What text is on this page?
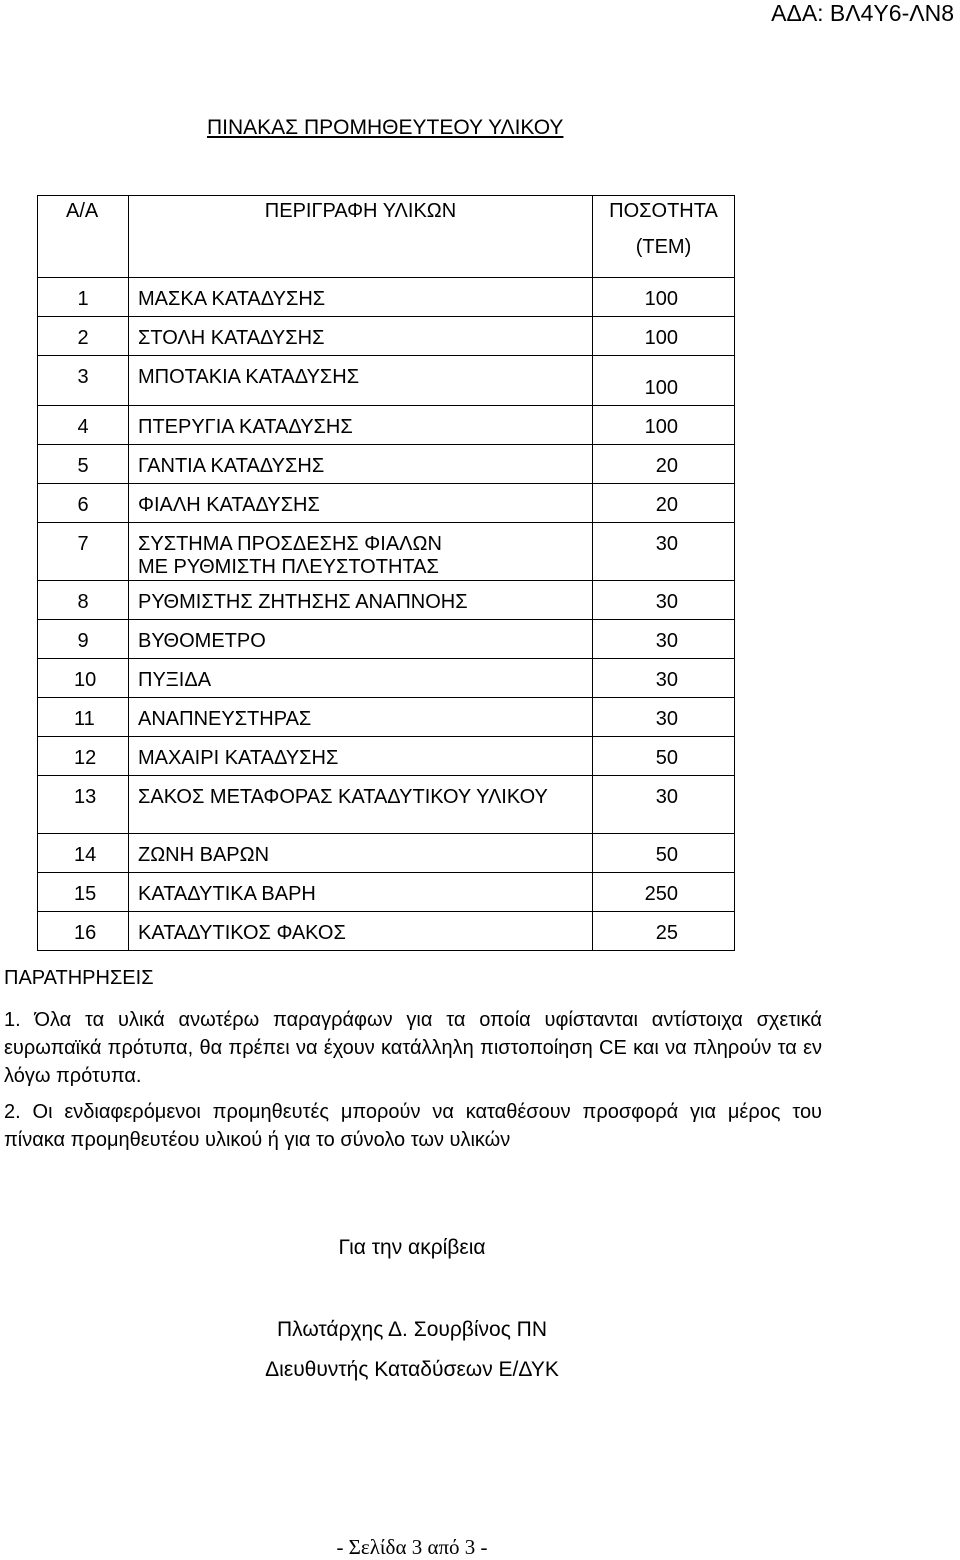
ΑΔΑ: ΒΛ4Υ6-ΛΝ8
ΠΙΝΑΚΑΣ ΠΡΟΜΗΘΕΥΤΕΟΥ ΥΛΙΚΟΥ
Α/Α	ΠΕΡΙΓΡΑΦΗ ΥΛΙΚΩΝ	ΠΟΣΟΤΗΤΑ
(ΤΕΜ)

1	ΜΑΣΚΑ ΚΑΤΑΔΥΣΗΣ	100
2	ΣΤΟΛΗ ΚΑΤΑΔΥΣΗΣ	100
3	ΜΠΟΤΑΚΙΑ ΚΑΤΑΔΥΣΗΣ	100
4	ΠΤΕΡΥΓΙΑ ΚΑΤΑΔΥΣΗΣ	100
5	ΓΑΝΤΙΑ ΚΑΤΑΔΥΣΗΣ	20
6	ΦΙΑΛΗ ΚΑΤΑΔΥΣΗΣ	20
7	ΣΥΣΤΗΜΑ ΠΡΟΣΔΕΣΗΣ ΦΙΑΛΩΝ ΜΕ ΡΥΘΜΙΣΤΗ ΠΛΕΥΣΤΟΤΗΤΑΣ	30
8	ΡΥΘΜΙΣΤΗΣ ΖΗΤΗΣΗΣ ΑΝΑΠΝΟΗΣ	30
9	ΒΥΘΟΜΕΤΡΟ	30
10	ΠΥΞΙΔΑ	30
11	ΑΝΑΠΝΕΥΣΤΗΡΑΣ	30
12	ΜΑΧΑΙΡΙ ΚΑΤΑΔΥΣΗΣ	50
13	ΣΑΚΟΣ ΜΕΤΑΦΟΡΑΣ ΚΑΤΑΔΥΤΙΚΟΥ ΥΛΙΚΟΥ	30
14	ΖΩΝΗ ΒΑΡΩΝ	50
15	ΚΑΤΑΔΥΤΙΚΑ ΒΑΡΗ	250
16	ΚΑΤΑΔΥΤΙΚΟΣ ΦΑΚΟΣ	25
ΠΑΡΑΤΗΡΗΣΕΙΣ
1. Όλα τα υλικά ανωτέρω παραγράφων για τα οποία υφίστανται αντίστοιχα σχετικά ευρωπαϊκά πρότυπα, θα πρέπει να έχουν κατάλληλη πιστοποίηση CE και να πληρούν τα εν λόγω πρότυπα.
2. Οι ενδιαφερόμενοι προμηθευτές μπορούν να καταθέσουν προσφορά για μέρος του πίνακα προμηθευτέου υλικού ή για το σύνολο των υλικών
Για την ακρίβεια
Πλωτάρχης Δ. Σουρβίνος ΠΝ
Διευθυντής Καταδύσεων Ε/ΔΥΚ
- Σελίδα 3 από 3 -
